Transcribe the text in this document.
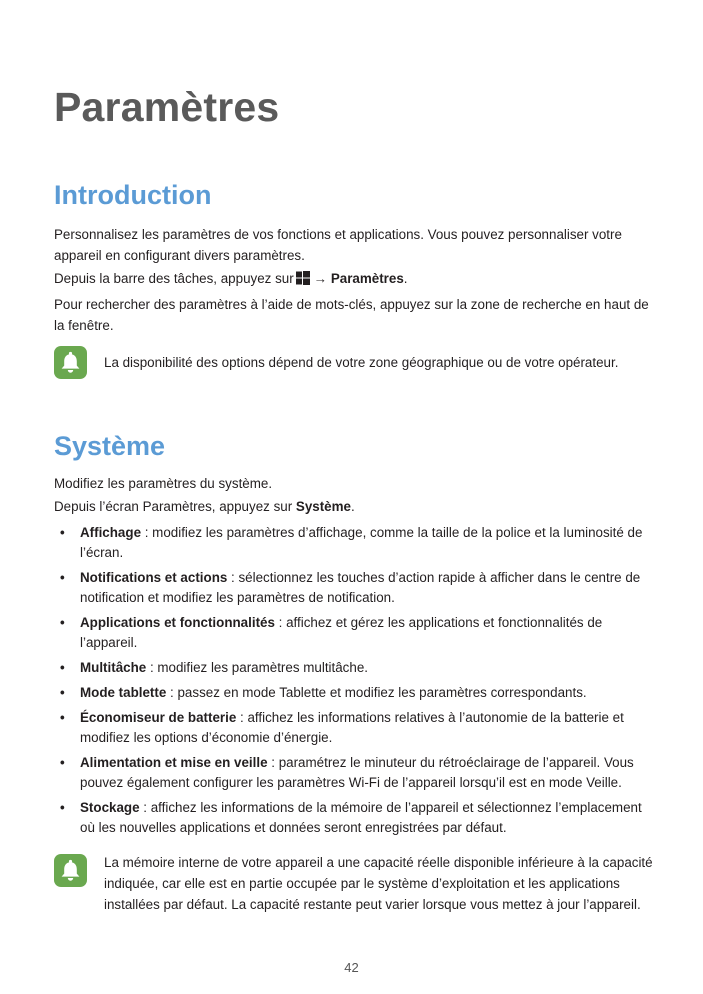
Paramètres
Introduction

Personnalisez les paramètres de vos fonctions et applications. Vous pouvez personnaliser votre appareil en configurant divers paramètres.

Depuis la barre des tâches, appuyez sur → Paramètres.

Pour rechercher des paramètres à l’aide de mots-clés, appuyez sur la zone de recherche en haut de la fenêtre.

La disponibilité des options dépend de votre zone géographique ou de votre opérateur.

Système

Modifiez les paramètres du système.

Depuis l’écran Paramètres, appuyez sur Système.

• Affichage : modifiez les paramètres d’affichage, comme la taille de la police et la luminosité de l’écran.
• Notifications et actions : sélectionnez les touches d’action rapide à afficher dans le centre de notification et modifiez les paramètres de notification.
• Applications et fonctionnalités : affichez et gérez les applications et fonctionnalités de l’appareil.
• Multitâche : modifiez les paramètres multitâche.
• Mode tablette : passez en mode Tablette et modifiez les paramètres correspondants.
• Économiseur de batterie : affichez les informations relatives à l’autonomie de la batterie et modifiez les options d’économie d’énergie.
• Alimentation et mise en veille : paramétrez le minuteur du rétroéclairage de l’appareil. Vous pouvez également configurer les paramètres Wi-Fi de l’appareil lorsqu’il est en mode Veille.
• Stockage : affichez les informations de la mémoire de l’appareil et sélectionnez l’emplacement où les nouvelles applications et données seront enregistrées par défaut.

La mémoire interne de votre appareil a une capacité réelle disponible inférieure à la capacité indiquée, car elle est en partie occupée par le système d’exploitation et les applications installées par défaut. La capacité restante peut varier lorsque vous mettez à jour l’appareil.

42
